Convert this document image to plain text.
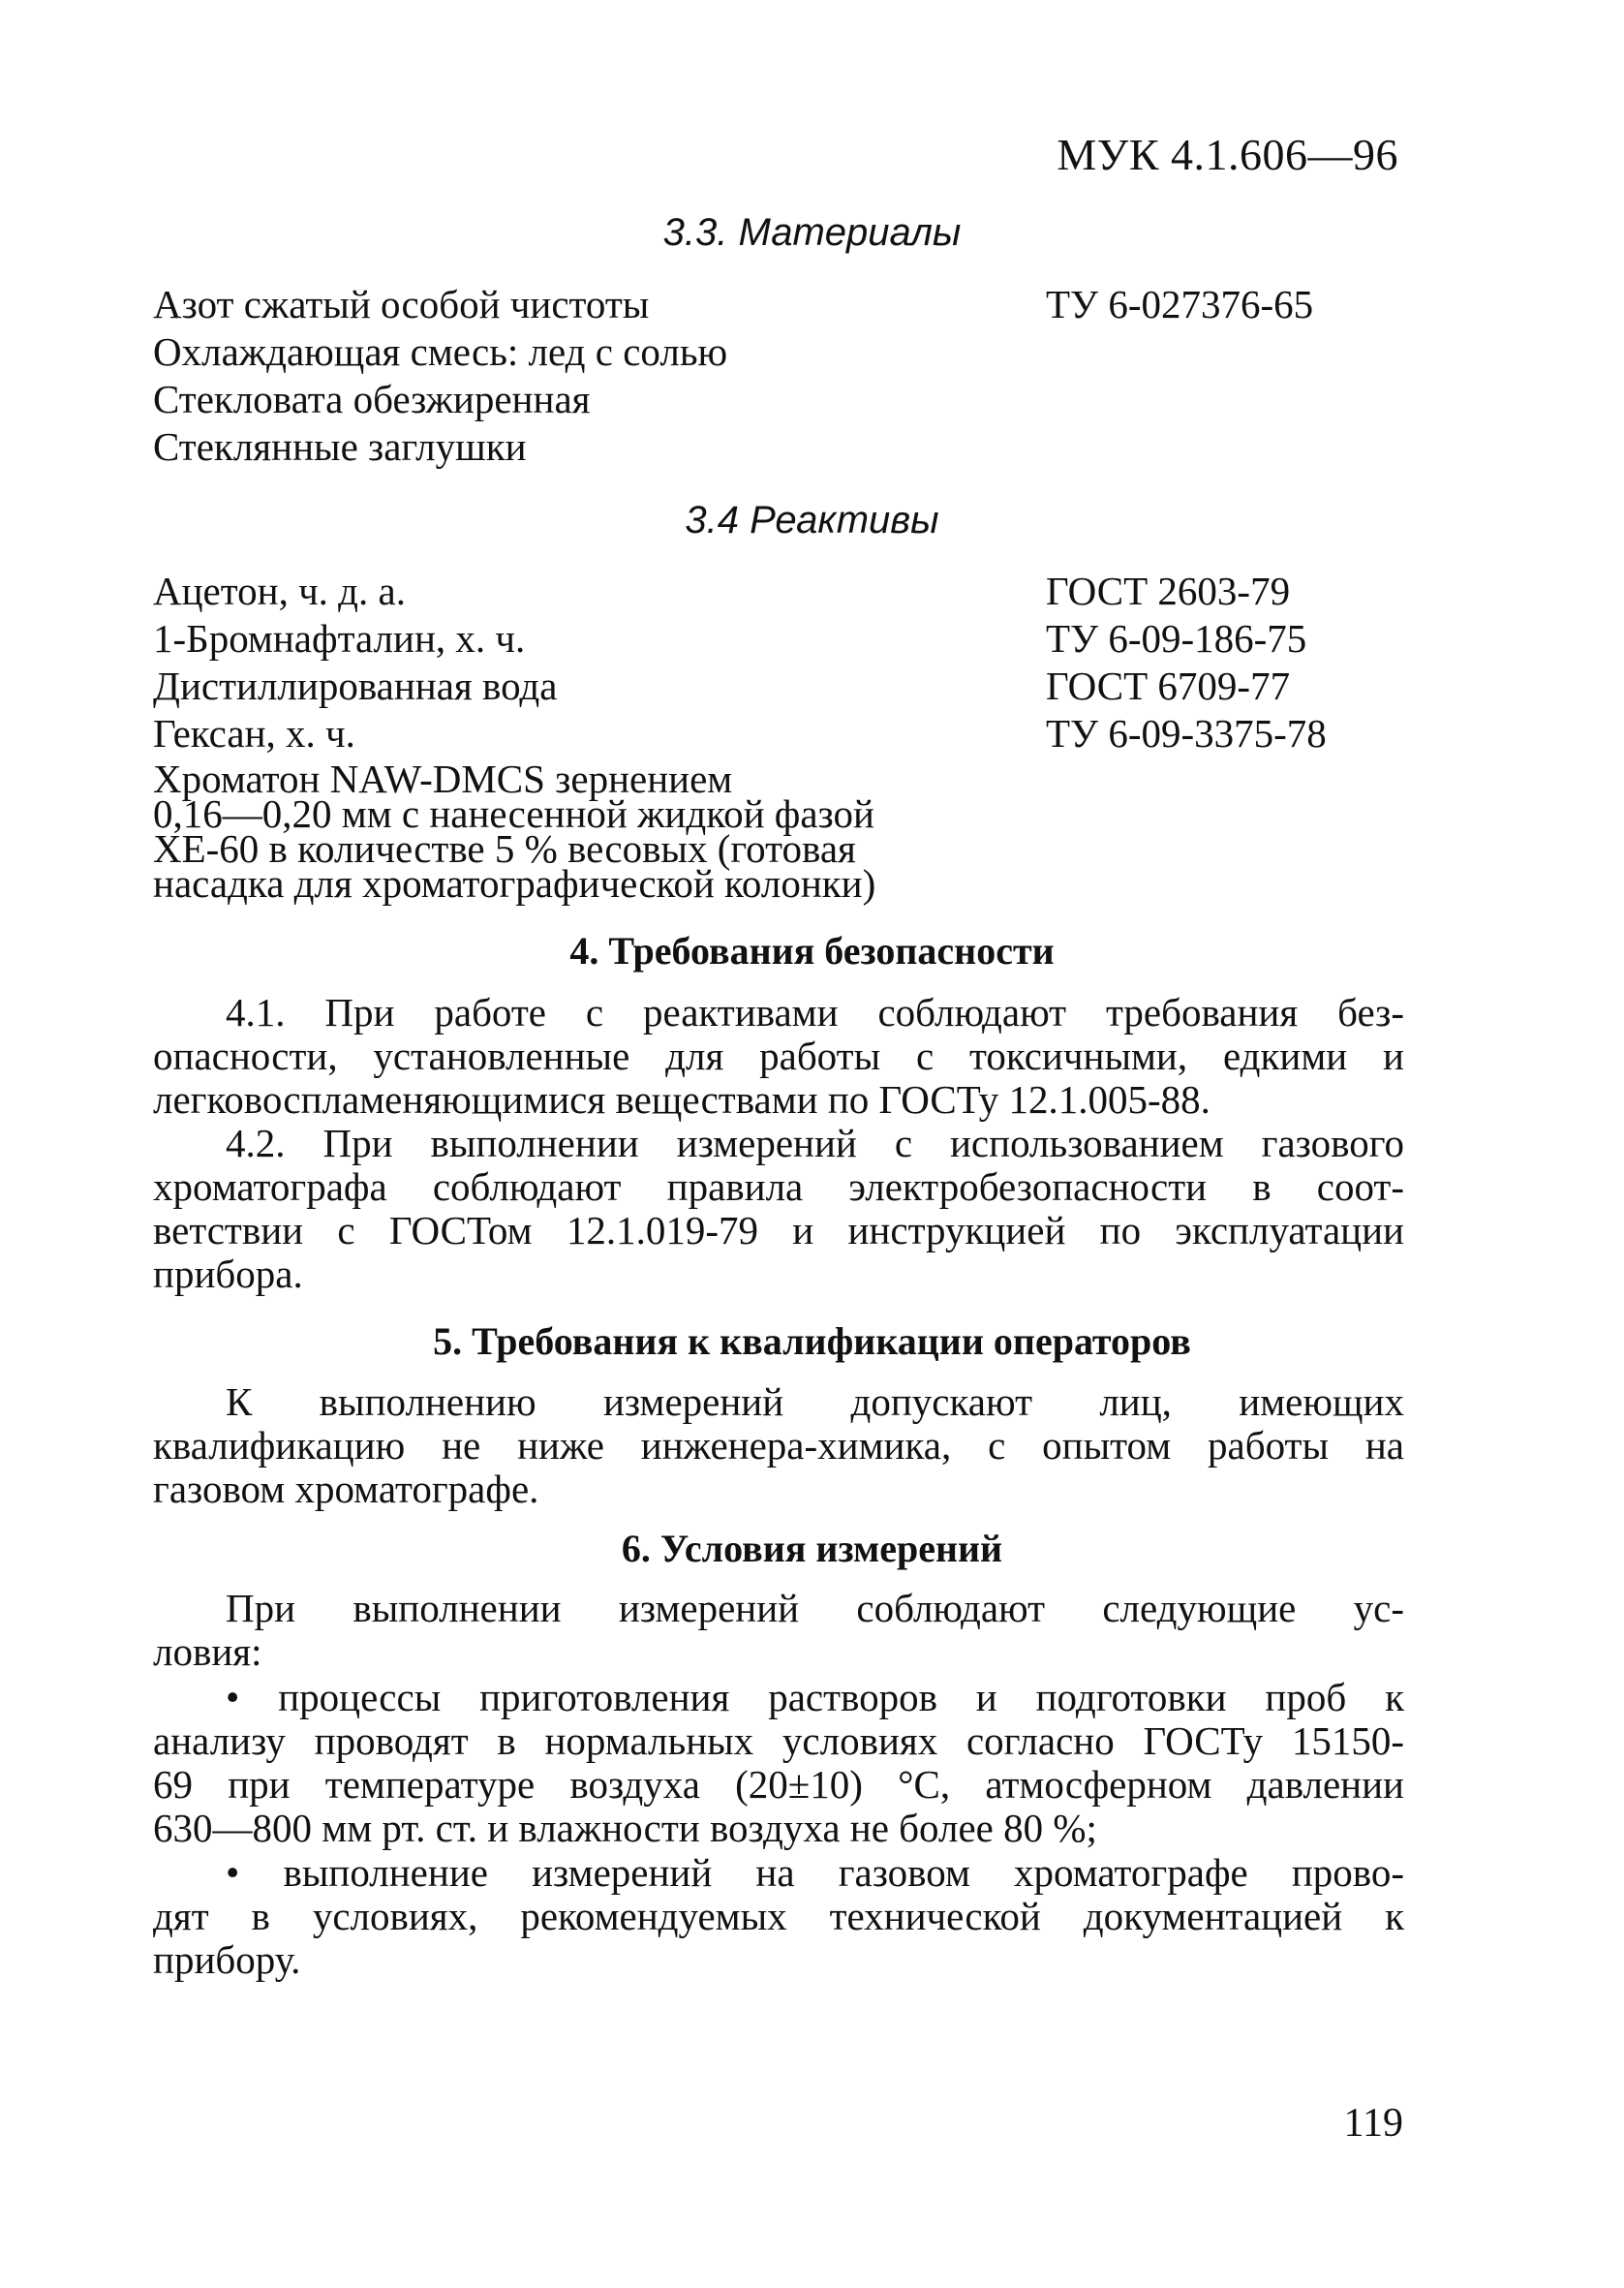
МУК 4.1.606—96
3.3. Материалы
Азот сжатый особой чистоты	ТУ 6-027376-65
Охлаждающая смесь: лед с солью
Стекловата обезжиренная
Стеклянные заглушки
3.4 Реактивы
Ацетон, ч. д. а.	ГОСТ 2603-79
1-Бромнафталин, х. ч.	ТУ 6-09-186-75
Дистиллированная вода	ГОСТ 6709-77
Гексан, х. ч.	ТУ 6-09-3375-78
Хроматон NAW-DMCS зернением
0,16—0,20 мм с нанесенной жидкой фазой
ХЕ-60 в количестве 5 % весовых (готовая
насадка для хроматографической колонки)
4. Требования безопасности
4.1. При работе с реактивами соблюдают требования без-
опасности, установленные для работы с токсичными, едкими и
легковоспламеняющимися веществами по ГОСТу 12.1.005-88.
4.2. При выполнении измерений с использованием газового
хроматографа соблюдают правила электробезопасности в соот-
ветствии с ГОСТом 12.1.019-79 и инструкцией по эксплуатации
прибора.
5. Требования к квалификации операторов
К выполнению измерений допускают лиц, имеющих
квалификацию не ниже инженера-химика, с опытом работы на
газовом хроматографе.
6. Условия измерений
При выполнении измерений соблюдают следующие ус-
ловия:
• процессы приготовления растворов и подготовки проб к
анализу проводят в нормальных условиях согласно ГОСТу 15150-
69 при температуре воздуха (20±10) °С, атмосферном давлении
630—800 мм рт. ст. и влажности воздуха не более 80 %;
• выполнение измерений на газовом хроматографе прово-
дят в условиях, рекомендуемых технической документацией к
прибору.
119
